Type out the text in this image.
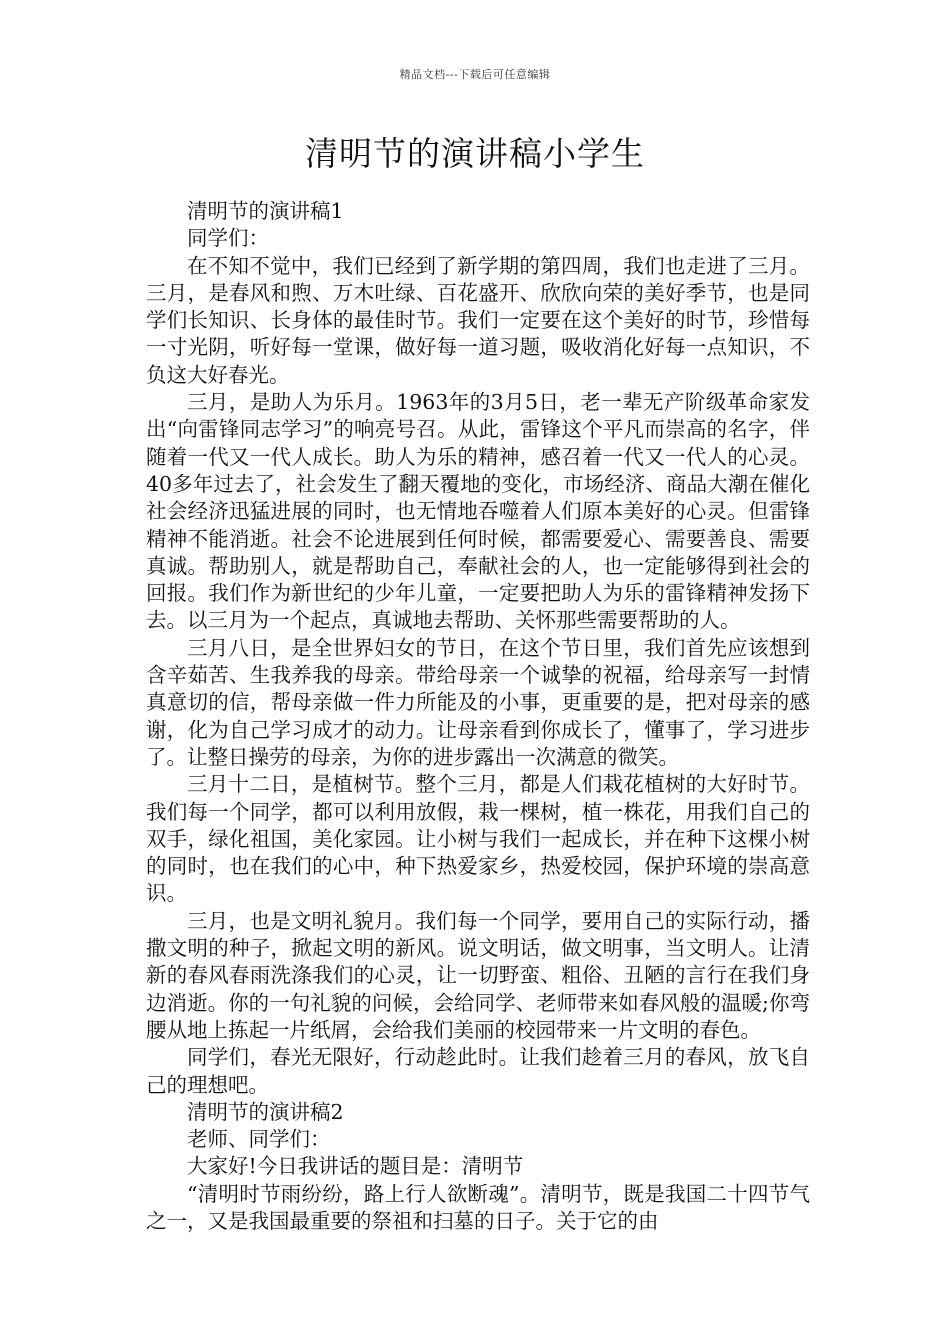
精品文档---下载后可任意编辑
清明节的演讲稿小学生

清明节的演讲稿1

同学们：

在不知不觉中，我们已经到了新学期的第四周，我们也走进了三月。三月，是春风和煦、万木吐绿、百花盛开、欣欣向荣的美好季节，也是同学们长知识、长身体的最佳时节。我们一定要在这个美好的时节，珍惜每一寸光阴，听好每一堂课，做好每一道习题，吸收消化好每一点知识，不负这大好春光。

三月，是助人为乐月。1963年的3月5日，老一辈无产阶级革命家发出“向雷锋同志学习”的响亮号召。从此，雷锋这个平凡而崇高的名字，伴随着一代又一代人成长。助人为乐的精神，感召着一代又一代人的心灵。40多年过去了，社会发生了翻天覆地的变化，市场经济、商品大潮在催化社会经济迅猛进展的同时，也无情地吞噬着人们原本美好的心灵。但雷锋精神不能消逝。社会不论进展到任何时候，都需要爱心、需要善良、需要真诚。帮助别人，就是帮助自己，奉献社会的人，也一定能够得到社会的回报。我们作为新世纪的少年儿童，一定要把助人为乐的雷锋精神发扬下去。以三月为一个起点，真诚地去帮助、关怀那些需要帮助的人。

三月八日，是全世界妇女的节日，在这个节日里，我们首先应该想到含辛茹苦、生我养我的母亲。带给母亲一个诚挚的祝福，给母亲写一封情真意切的信，帮母亲做一件力所能及的小事，更重要的是，把对母亲的感谢，化为自己学习成才的动力。让母亲看到你成长了，懂事了，学习进步了。让整日操劳的母亲，为你的进步露出一次满意的微笑。

三月十二日，是植树节。整个三月，都是人们栽花植树的大好时节。我们每一个同学，都可以利用放假，栽一棵树，植一株花，用我们自己的双手，绿化祖国，美化家园。让小树与我们一起成长，并在种下这棵小树的同时，也在我们的心中，种下热爱家乡，热爱校园，保护环境的崇高意识。

三月，也是文明礼貌月。我们每一个同学，要用自己的实际行动，播撒文明的种子，掀起文明的新风。说文明话，做文明事，当文明人。让清新的春风春雨洗涤我们的心灵，让一切野蛮、粗俗、丑陋的言行在我们身边消逝。你的一句礼貌的问候，会给同学、老师带来如春风般的温暖;你弯腰从地上拣起一片纸屑，会给我们美丽的校园带来一片文明的春色。

同学们，春光无限好，行动趁此时。让我们趁着三月的春风，放飞自己的理想吧。

清明节的演讲稿2

老师、同学们：

大家好!今日我讲话的题目是：清明节

“清明时节雨纷纷，路上行人欲断魂”。清明节，既是我国二十四节气之一，又是我国最重要的祭祖和扫墓的日子。关于它的由
